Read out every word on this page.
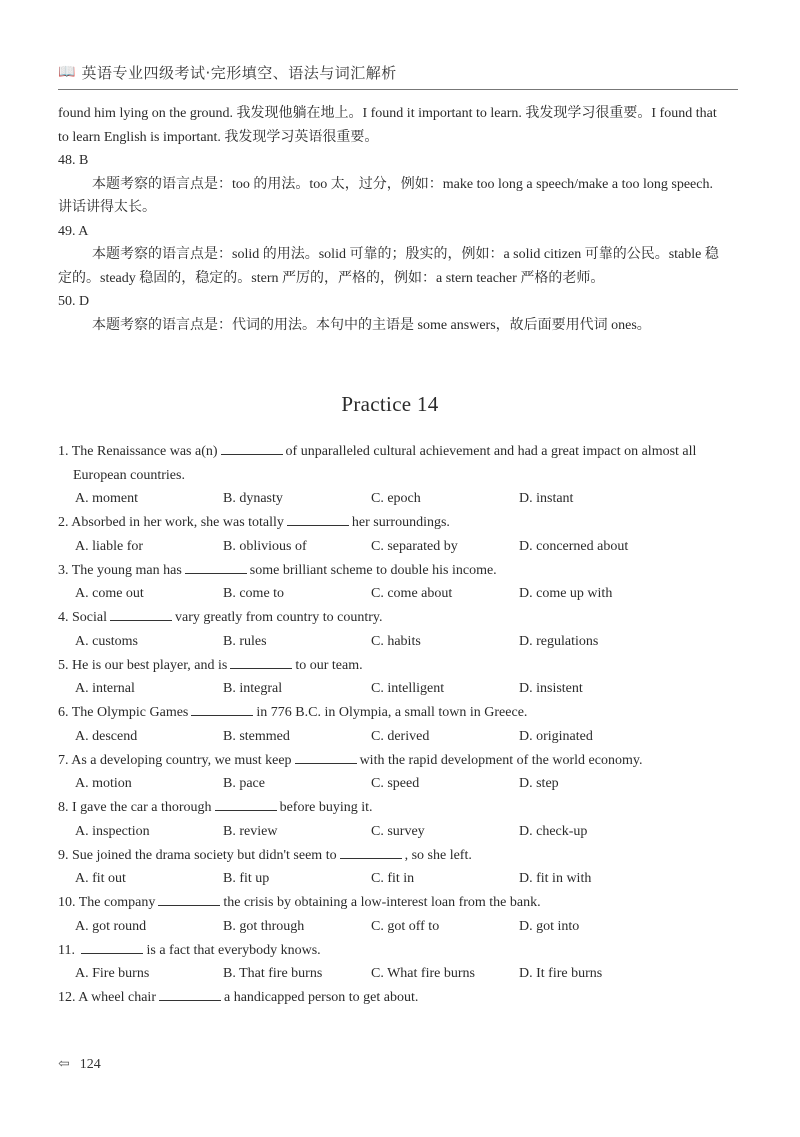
📖 英语专业四级考试·完形填空、语法与词汇解析

found him lying on the ground. 我发现他躺在地上。I found it important to learn. 我发现学习很重要。I found that to learn English is important. 我发现学习英语很重要。

48. B

本题考察的语言点是：too 的用法。too 太，过分，例如：make too long a speech/make a too long speech. 讲话讲得太长。

49. A

本题考察的语言点是：solid 的用法。solid 可靠的；殷实的，例如：a solid citizen 可靠的公民。stable 稳定的。steady 稳固的，稳定的。stern 严厉的，严格的，例如：a stern teacher 严格的老师。

50. D

本题考察的语言点是：代词的用法。本句中的主语是 some answers，故后面要用代词 ones。

Practice 14
1. The Renaissance was a(n)	of unparalleled cultural achievement and had a great impact on almost all European countries.
A. moment	B. dynasty	C. epoch	D. instant
2. Absorbed in her work, she was totally	her surroundings.
A. liable for	B. oblivious of	C. separated by	D. concerned about
3. The young man has	some brilliant scheme to double his income.
A. come out	B. come to	C. come about	D. come up with
4. Social	vary greatly from country to country.
A. customs	B. rules	C. habits	D. regulations
5. He is our best player, and is	to our team.
A. internal	B. integral	C. intelligent	D. insistent
6. The Olympic Games	in 776 B.C. in Olympia, a small town in Greece.
A. descend	B. stemmed	C. derived	D. originated
7. As a developing country, we must keep	with the rapid development of the world economy.
A. motion	B. pace	C. speed	D. step
8. I gave the car a thorough	before buying it.
A. inspection	B. review	C. survey	D. check-up
9. Sue joined the drama society but didn't seem to	, so she left.
A. fit out	B. fit up	C. fit in	D. fit in with
10. The company	the crisis by obtaining a low-interest loan from the bank.
A. got round	B. got through	C. got off to	D. got into
11.	is a fact that everybody knows.
A. Fire burns	B. That fire burns	C. What fire burns	D. It fire burns
12. A wheel chair	a handicapped person to get about.
⇦ 124
